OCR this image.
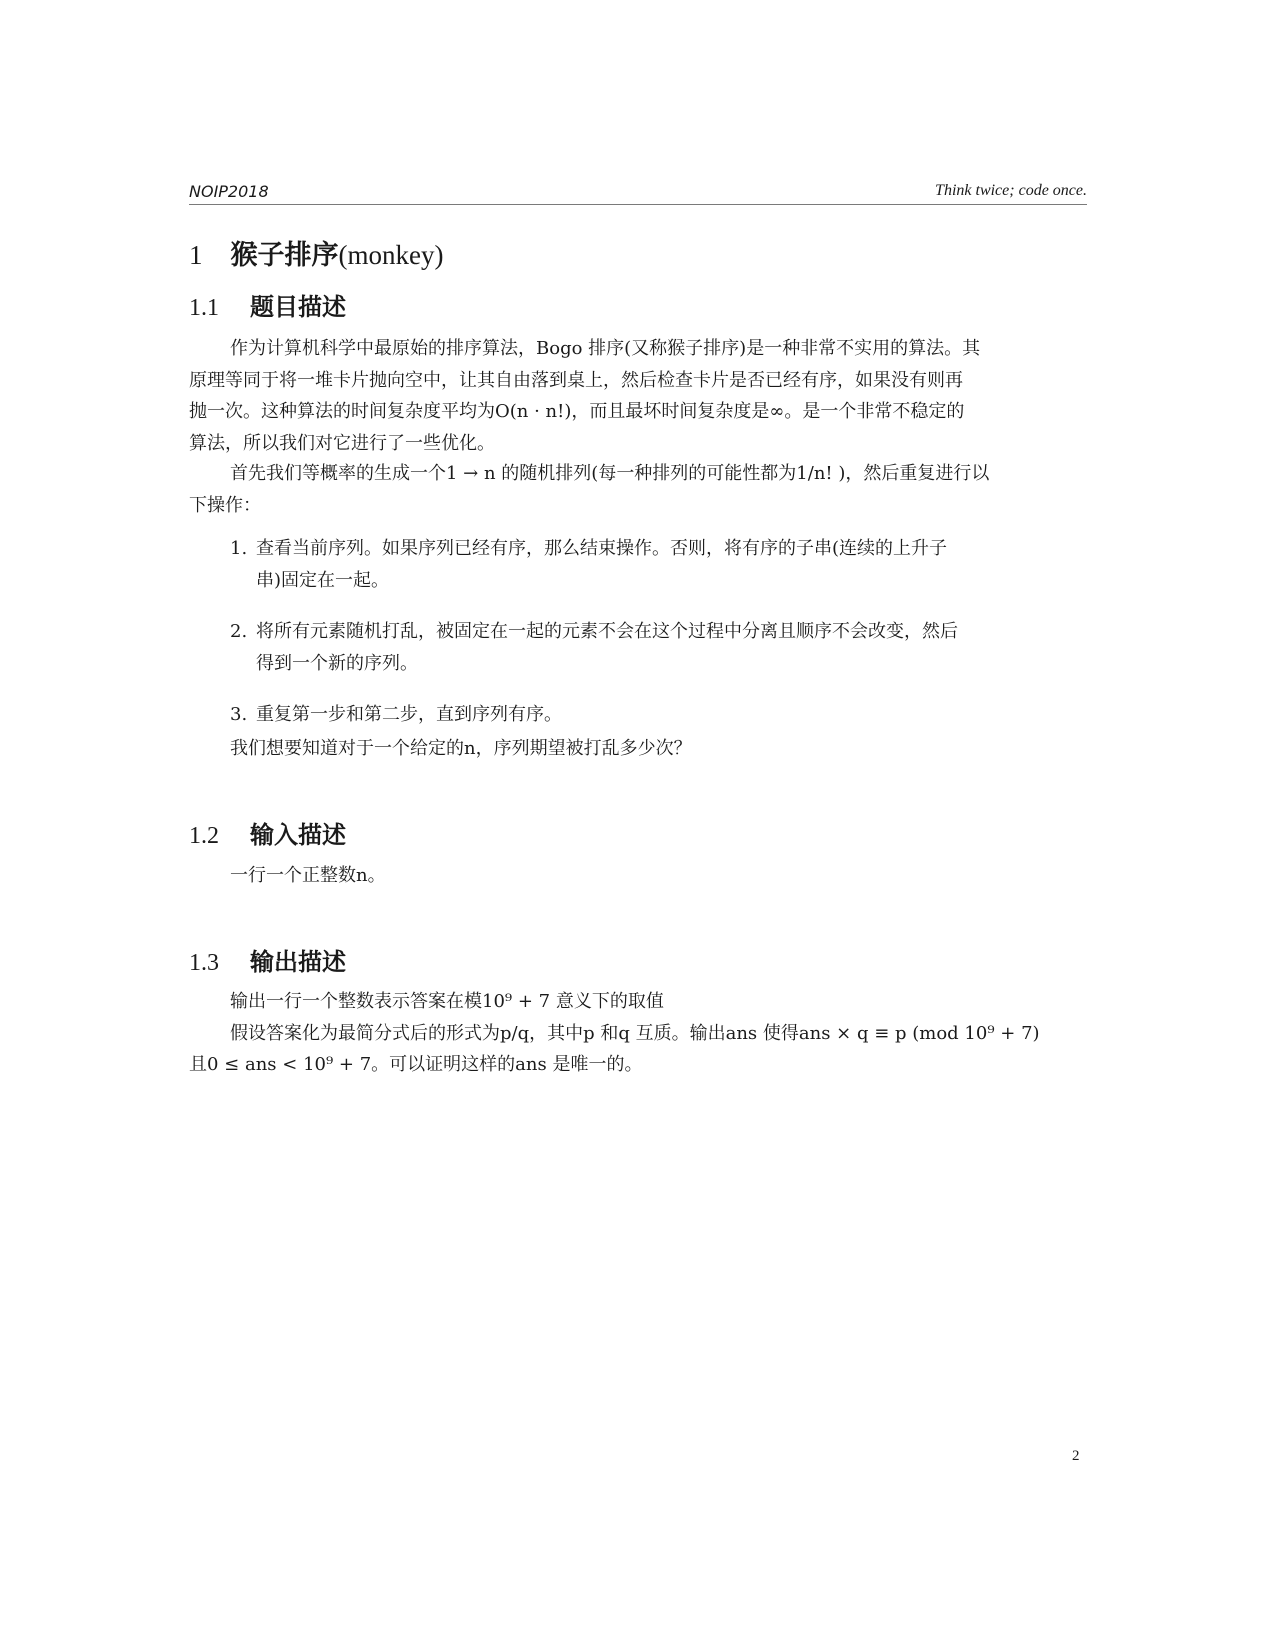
NOIP2018	Think twice; code once.
1 猴子排序(monkey)
1.1 题目描述
作为计算机科学中最原始的排序算法，Bogo 排序(又称猴子排序)是一种非常不实用的算法。其
原理等同于将一堆卡片抛向空中，让其自由落到桌上，然后检查卡片是否已经有序，如果没有则再
抛一次。这种算法的时间复杂度平均为O(n · n!)，而且最坏时间复杂度是∞。是一个非常不稳定的
算法，所以我们对它进行了一些优化。
首先我们等概率的生成一个1 → n 的随机排列(每一种排列的可能性都为1/n! )，然后重复进行以
下操作：
1. 查看当前序列。如果序列已经有序，那么结束操作。否则，将有序的子串(连续的上升子
串)固定在一起。
2. 将所有元素随机打乱，被固定在一起的元素不会在这个过程中分离且顺序不会改变，然后
得到一个新的序列。
3. 重复第一步和第二步，直到序列有序。
我们想要知道对于一个给定的n，序列期望被打乱多少次？
1.2 输入描述
一行一个正整数n。
1.3 输出描述
输出一行一个整数表示答案在模10⁹ + 7 意义下的取值
假设答案化为最简分式后的形式为p/q，其中p 和q 互质。输出ans 使得ans × q ≡ p (mod 10⁹ + 7)
且0 ≤ ans < 10⁹ + 7。可以证明这样的ans 是唯一的。
2
